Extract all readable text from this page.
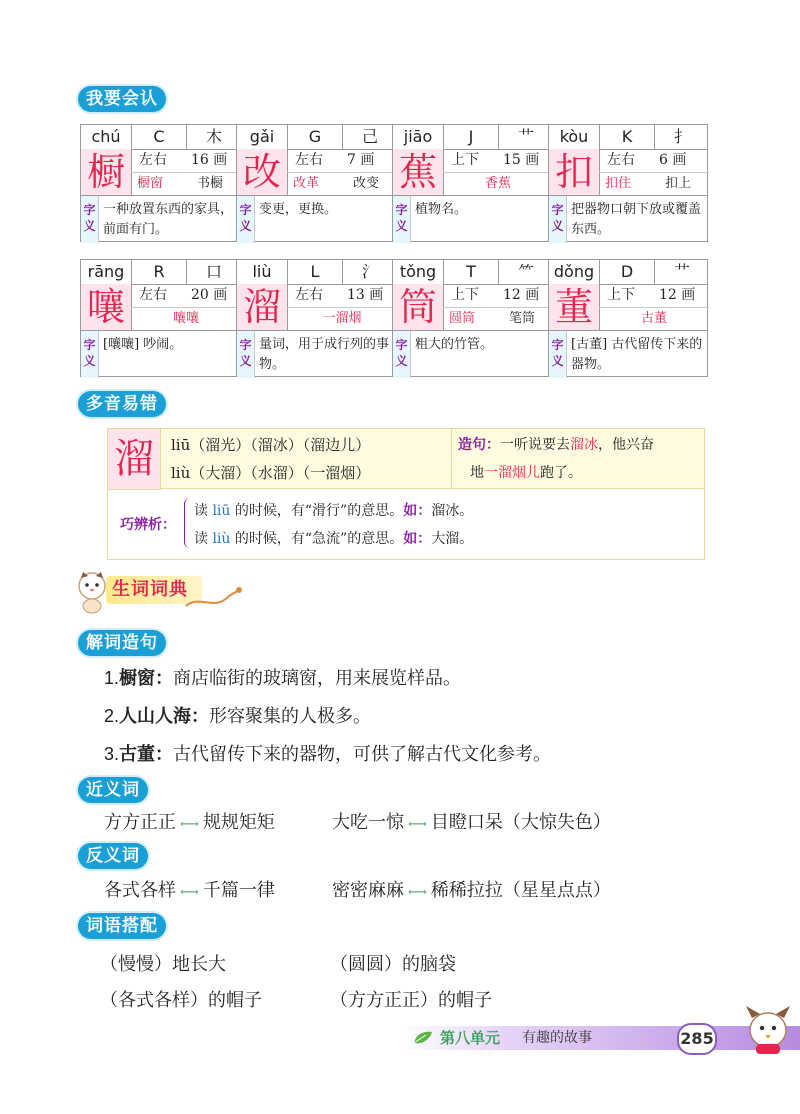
我要会认
chú	C	木
橱	左右 16 画
橱窗	书橱
字
义
一种放置东西的家具，前面有门。
gǎi	G	己
改	左右 7 画
改革	改变
字
义
变更，更换。
jiāo	J	艹
蕉	上下 15 画
香蕉
字
义
植物名。
kòu	K	扌
扣	左右 6 画
扣住	扣上
字
义
把器物口朝下放或覆盖东西。
rāng	R	口
嚷	左右 20 画
嚷嚷
字
义
[嚷嚷] 吵闹。
liù	L	氵
溜	左右 13 画
一溜烟
字
义
量词，用于成行列的事物。
tǒng	T	⺮
筒	上下 12 画
圆筒	笔筒
字
义
粗大的竹管。
dǒng	D	艹
董	上下 12 画
古董
字
义
[古董] 古代留传下来的器物。
多音易错
溜	liū（溜光）（溜冰）（溜边儿）
liù（大溜）（水溜）（一溜烟）
造句：一听说要去溜冰，他兴奋
地一溜烟儿跑了。
巧辨析：
读 liū 的时候，有“滑行”的意思。如：溜冰。
读 liù 的时候，有“急流”的意思。如：大溜。
生词词典
解词造句
1.橱窗：商店临街的玻璃窗，用来展览样品。
2.人山人海：形容聚集的人极多。
3.古董：古代留传下来的器物，可供了解古代文化参考。
近义词
方方正正 ⟷ 规规矩矩	大吃一惊 ⟷ 目瞪口呆（大惊失色）
反义词
各式各样 ⟷ 千篇一律	密密麻麻 ⟷ 稀稀拉拉（星星点点）
词语搭配
（慢慢）地长大	（圆圆）的脑袋
（各式各样）的帽子	（方方正正）的帽子
第八单元 有趣的故事	285
